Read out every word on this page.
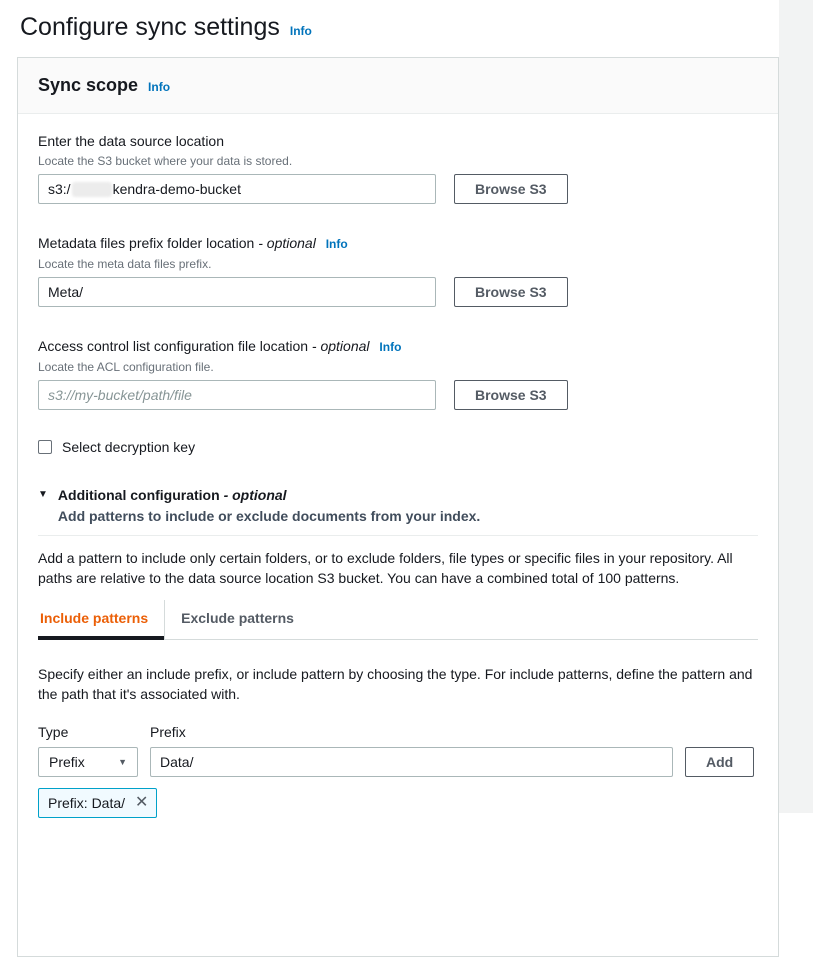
Configure sync settings Info
Sync scope Info
Enter the data source location
Locate the S3 bucket where your data is stored.
s3:/	kendra-demo-bucket	Browse S3
Metadata files prefix folder location - optional Info
Locate the meta data files prefix.
Meta/
Browse S3
Access control list configuration file location - optional Info
Locate the ACL configuration file.
s3://my-bucket/path/file
Browse S3
Select decryption key
▼ Additional configuration - optional
Add patterns to include or exclude documents from your index.
Add a pattern to include only certain folders, or to exclude folders, file types or specific files in your repository. All paths are relative to the data source location S3 bucket. You can have a combined total of 100 patterns.
Include patterns	Exclude patterns
Specify either an include prefix, or include pattern by choosing the type. For include patterns, define the pattern and the path that it's associated with.
Type
Prefix	▼
Prefix
Data/
Add
Prefix: Data/ ✕
